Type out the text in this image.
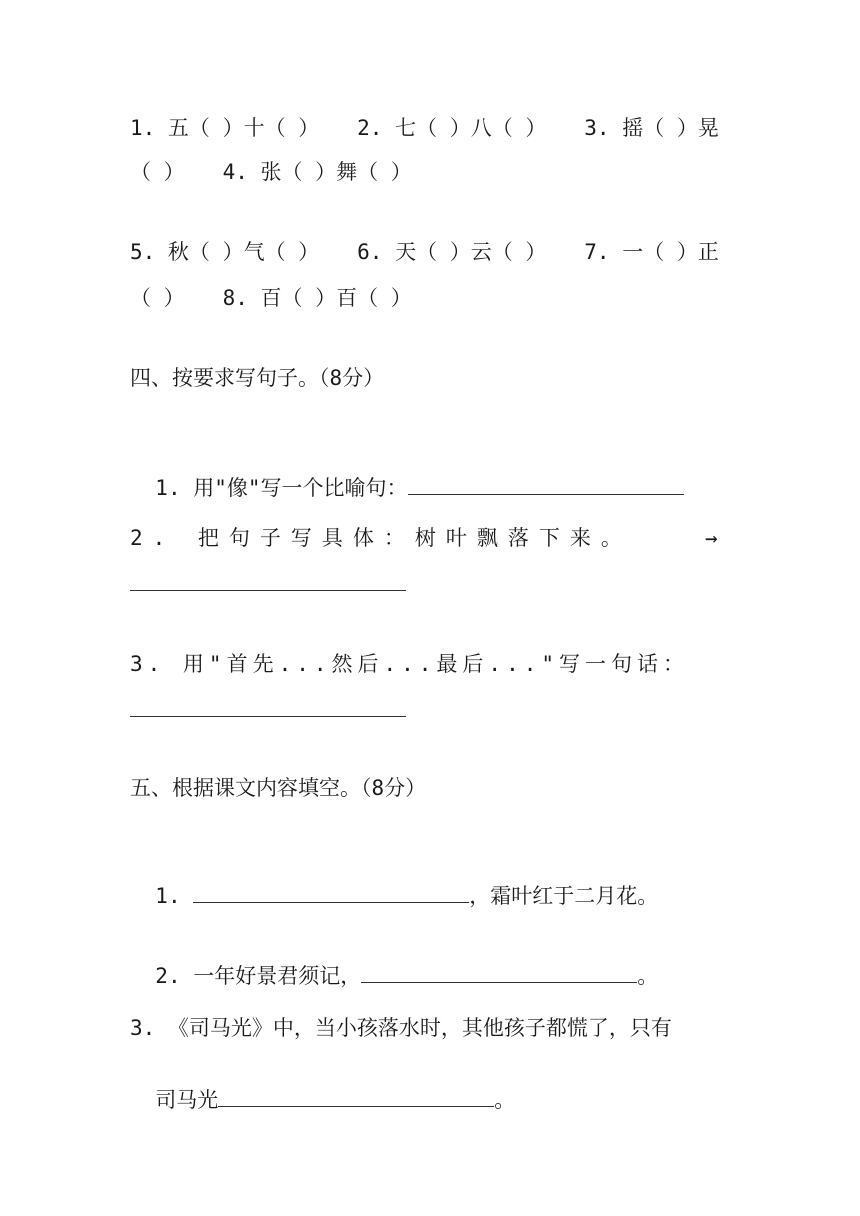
1. 五（ ）十（ ）   2. 七（ ）八（ ）   3. 摇（ ）晃
（ ）   4. 张（ ）舞（ ）
5. 秋（ ）气（ ）   6. 天（ ）云（ ）   7. 一（ ）正
（ ）   8. 百（ ）百（ ）
四、按要求写句子。（8分）

1. 用"像"写一个比喻句：

2. 把句子写具体：树叶飘落下来。	→
3. 用"首先...然后...最后..."写一句话：
五、根据课文内容填空。（8分）

1.	，霜叶红于二月花。

2. 一年好景君须记，	。

3. 《司马光》中，当小孩落水时，其他孩子都慌了，只有

司马光	。
